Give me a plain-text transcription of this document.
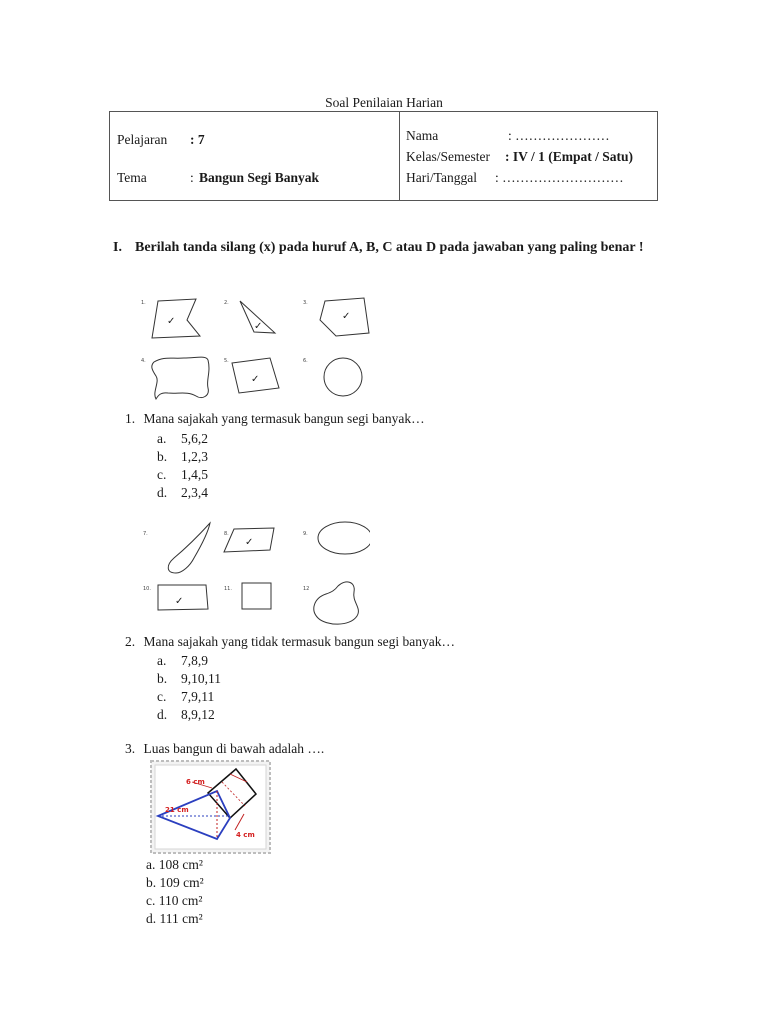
Soal Penilaian Harian
Pelajaran : 7
Tema	: Bangun Segi Banyak
Nama	: …………………
Kelas/Semester : IV / 1 (Empat / Satu)
Hari/Tanggal : ………………………
I. Berilah tanda silang (x) pada huruf A, B, C atau D pada jawaban yang paling benar !
1.	2.	3.
4.	5.	6.
✓	✓
✓
✓
1. Mana sajakah yang termasuk bangun segi banyak…
a. 5,6,2
b. 1,2,3
c. 1,4,5
d. 2,3,4
7.	8.	9.
10.	11.	12
✓
✓
2. Mana sajakah yang tidak termasuk bangun segi banyak…
a. 7,8,9
b. 9,10,11
c. 7,9,11
d. 8,9,12
3. Luas bangun di bawah adalah ….
6 cm
21 cm
4 cm
a. 108 cm²
b. 109 cm²
c. 110 cm²
d. 111 cm²
